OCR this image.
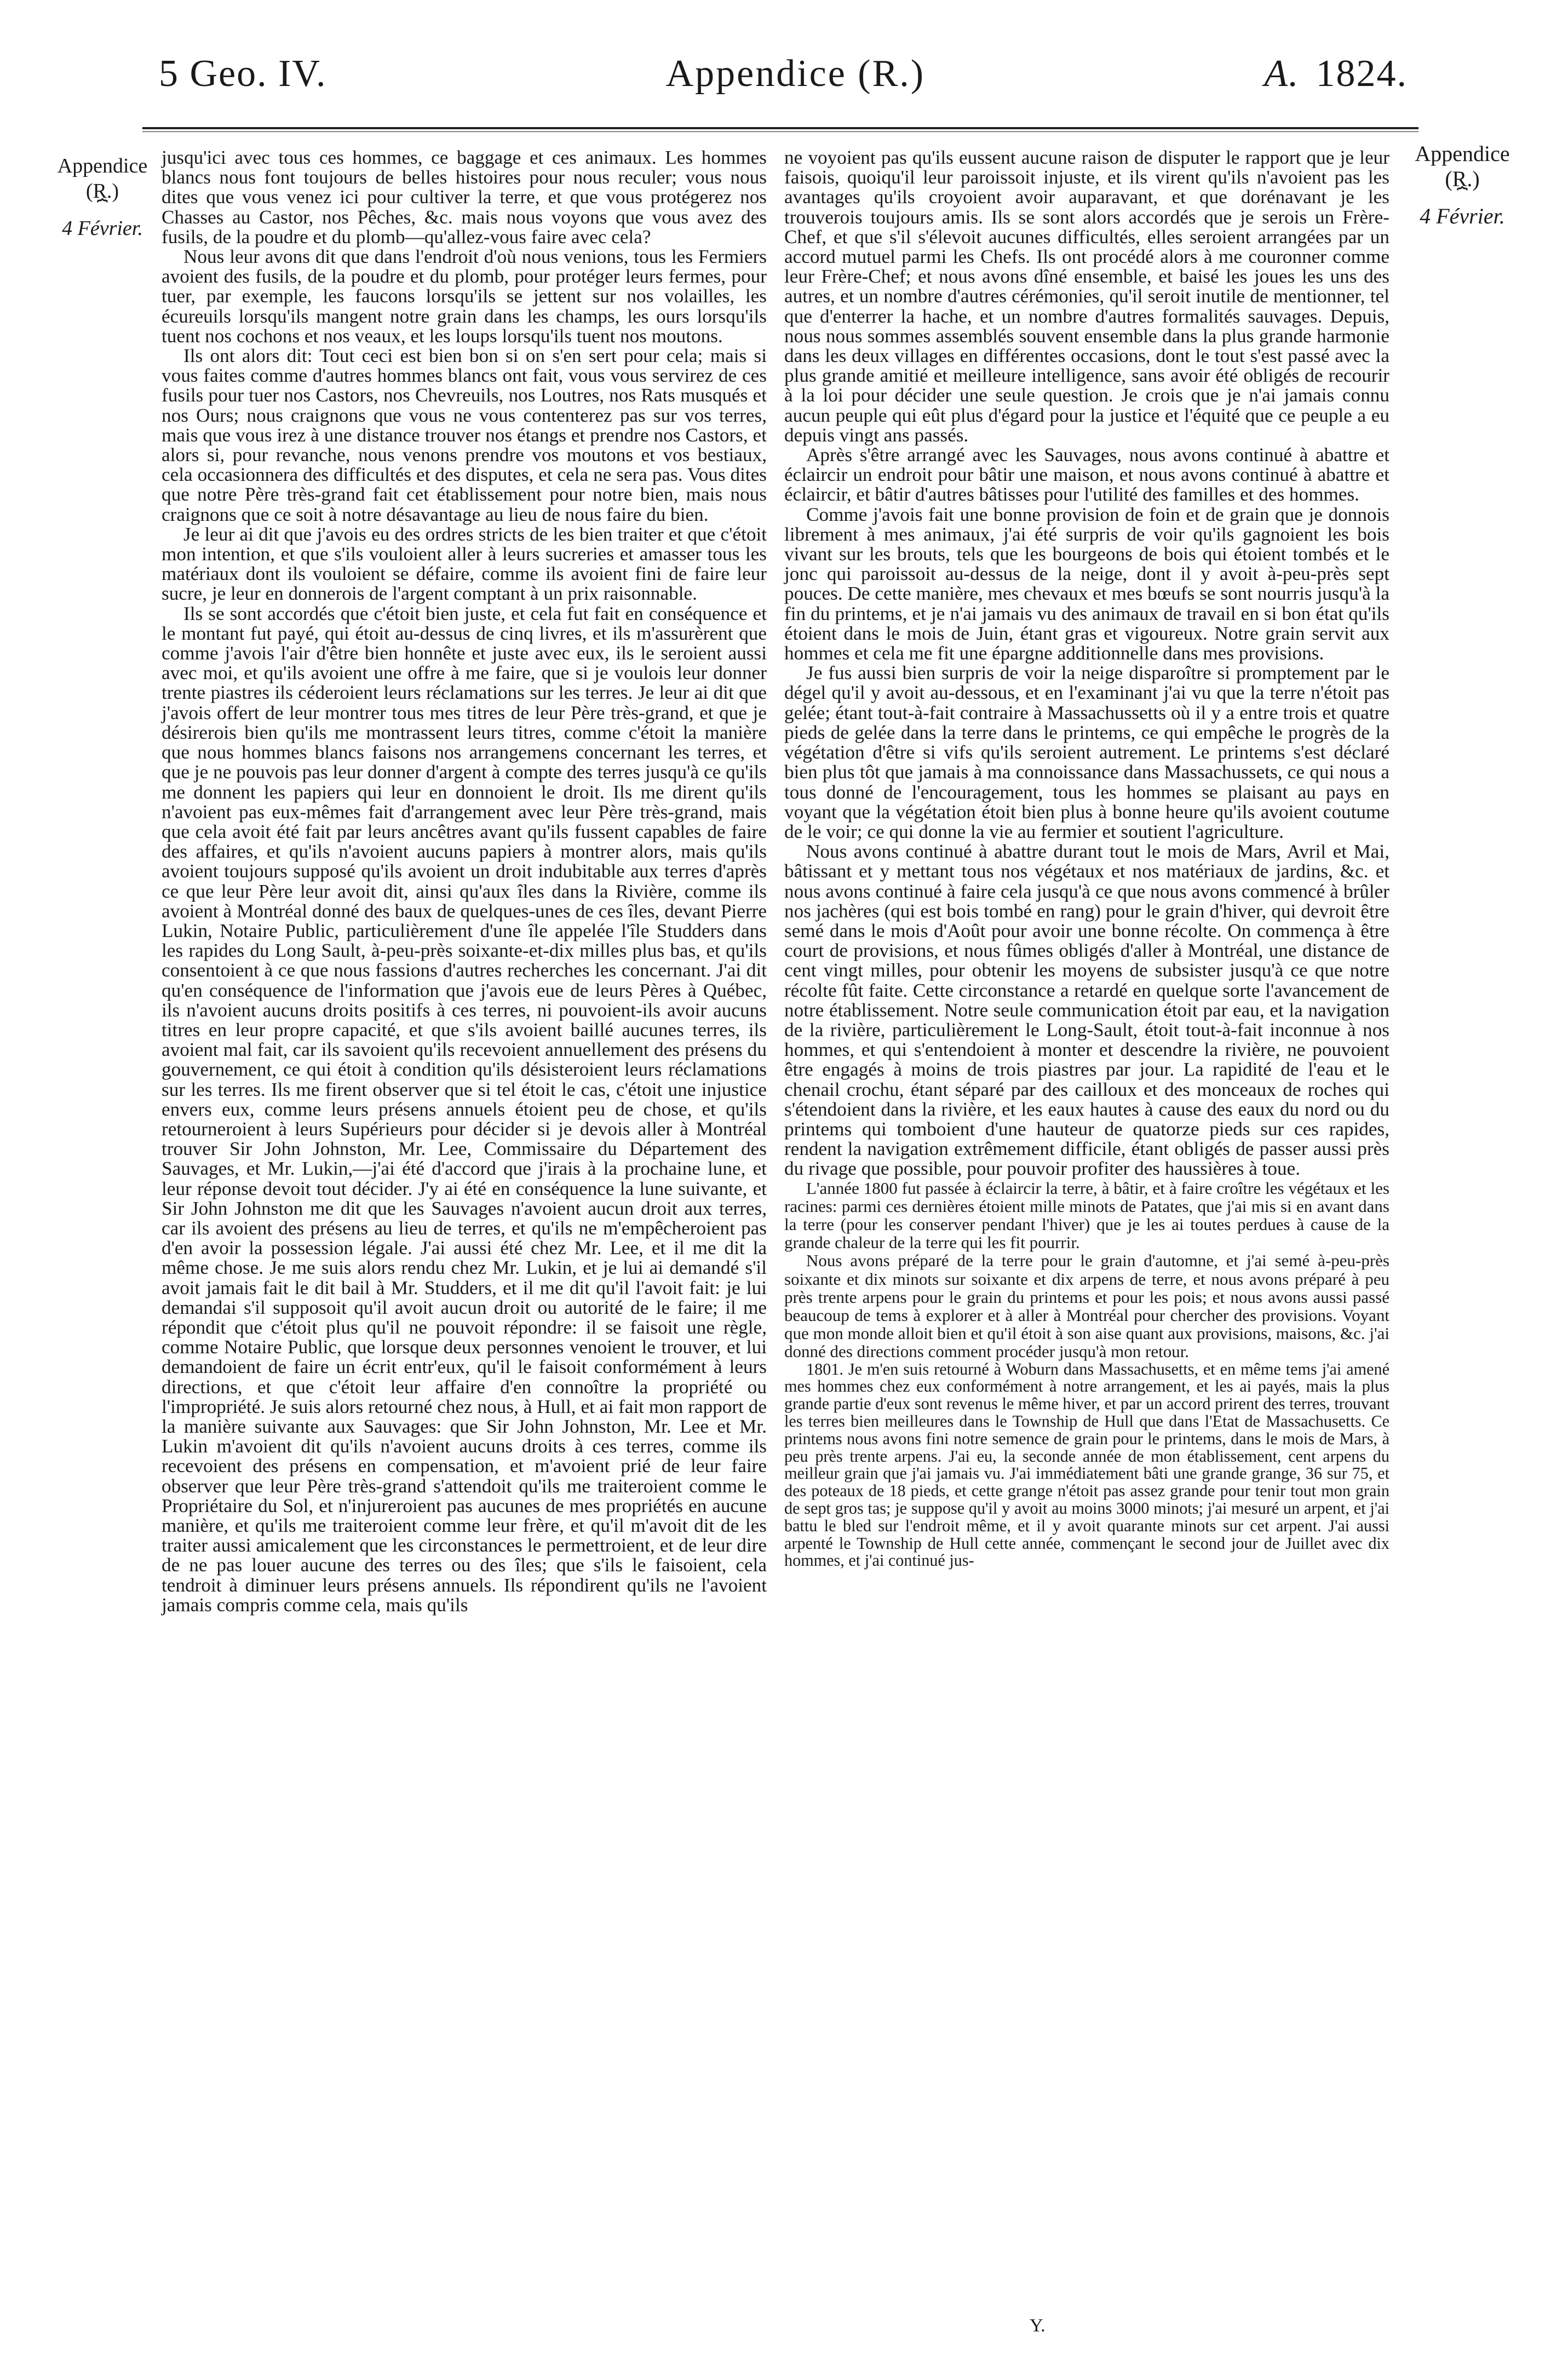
5 Geo. IV.	Appendice (R.)	A. 1824.
Appendice
(R.)
⏞
4 Février.
Appendice
(R.)
⏞
4 Février.

jusqu'ici avec tous ces hommes, ce baggage et ces animaux. Les hommes blancs nous font toujours de belles histoires pour nous reculer; vous nous dites que vous venez ici pour cultiver la terre, et que vous protégerez nos Chasses au Castor, nos Pêches, &c. mais nous voyons que vous avez des fusils, de la poudre et du plomb—qu'allez-vous faire avec cela?

Nous leur avons dit que dans l'endroit d'où nous venions, tous les Fermiers avoient des fusils, de la poudre et du plomb, pour protéger leurs fermes, pour tuer, par exemple, les faucons lorsqu'ils se jettent sur nos volailles, les écureuils lorsqu'ils mangent notre grain dans les champs, les ours lorsqu'ils tuent nos cochons et nos veaux, et les loups lorsqu'ils tuent nos moutons.

Ils ont alors dit: Tout ceci est bien bon si on s'en sert pour cela; mais si vous faites comme d'autres hommes blancs ont fait, vous vous servirez de ces fusils pour tuer nos Castors, nos Chevreuils, nos Loutres, nos Rats musqués et nos Ours; nous craignons que vous ne vous contenterez pas sur vos terres, mais que vous irez à une distance trouver nos étangs et prendre nos Castors, et alors si, pour revanche, nous venons prendre vos moutons et vos bestiaux, cela occasionnera des difficultés et des disputes, et cela ne sera pas. Vous dites que notre Père très-grand fait cet établissement pour notre bien, mais nous craignons que ce soit à notre désavantage au lieu de nous faire du bien.

Je leur ai dit que j'avois eu des ordres stricts de les bien traiter et que c'étoit mon intention, et que s'ils vouloient aller à leurs sucreries et amasser tous les matériaux dont ils vouloient se défaire, comme ils avoient fini de faire leur sucre, je leur en donnerois de l'argent comptant à un prix raisonnable.

Ils se sont accordés que c'étoit bien juste, et cela fut fait en conséquence et le montant fut payé, qui étoit au-dessus de cinq livres, et ils m'assurèrent que comme j'avois l'air d'être bien honnête et juste avec eux, ils le seroient aussi avec moi, et qu'ils avoient une offre à me faire, que si je voulois leur donner trente piastres ils céderoient leurs réclamations sur les terres. Je leur ai dit que j'avois offert de leur montrer tous mes titres de leur Père très-grand, et que je désirerois bien qu'ils me montrassent leurs titres, comme c'étoit la manière que nous hommes blancs faisons nos arrangemens concernant les terres, et que je ne pouvois pas leur donner d'argent à compte des terres jusqu'à ce qu'ils me donnent les papiers qui leur en donnoient le droit. Ils me dirent qu'ils n'avoient pas eux-mêmes fait d'arrangement avec leur Père très-grand, mais que cela avoit été fait par leurs ancêtres avant qu'ils fussent capables de faire des affaires, et qu'ils n'avoient aucuns papiers à montrer alors, mais qu'ils avoient toujours supposé qu'ils avoient un droit indubitable aux terres d'après ce que leur Père leur avoit dit, ainsi qu'aux îles dans la Rivière, comme ils avoient à Montréal donné des baux de quelques-unes de ces îles, devant Pierre Lukin, Notaire Public, particulièrement d'une île appelée l'île Studders dans les rapides du Long Sault, à-peu-près soixante-et-dix milles plus bas, et qu'ils consentoient à ce que nous fassions d'autres recherches les concernant. J'ai dit qu'en conséquence de l'information que j'avois eue de leurs Pères à Québec, ils n'avoient aucuns droits positifs à ces terres, ni pouvoient-ils avoir aucuns titres en leur propre capacité, et que s'ils avoient baillé aucunes terres, ils avoient mal fait, car ils savoient qu'ils recevoient annuellement des présens du gouvernement, ce qui étoit à condition qu'ils désisteroient leurs réclamations sur les terres. Ils me firent observer que si tel étoit le cas, c'étoit une injustice envers eux, comme leurs présens annuels étoient peu de chose, et qu'ils retourneroient à leurs Supérieurs pour décider si je devois aller à Montréal trouver Sir John Johnston, Mr. Lee, Commissaire du Département des Sauvages, et Mr. Lukin,—j'ai été d'accord que j'irais à la prochaine lune, et leur réponse devoit tout décider. J'y ai été en conséquence la lune suivante, et Sir John Johnston me dit que les Sauvages n'avoient aucun droit aux terres, car ils avoient des présens au lieu de terres, et qu'ils ne m'empêcheroient pas d'en avoir la possession légale. J'ai aussi été chez Mr. Lee, et il me dit la même chose. Je me suis alors rendu chez Mr. Lukin, et je lui ai demandé s'il avoit jamais fait le dit bail à Mr. Studders, et il me dit qu'il l'avoit fait: je lui demandai s'il supposoit qu'il avoit aucun droit ou autorité de le faire; il me répondit que c'étoit plus qu'il ne pouvoit répondre: il se faisoit une règle, comme Notaire Public, que lorsque deux personnes venoient le trouver, et lui demandoient de faire un écrit entr'eux, qu'il le faisoit conformément à leurs directions, et que c'étoit leur affaire d'en connoître la propriété ou l'impropriété. Je suis alors retourné chez nous, à Hull, et ai fait mon rapport de la manière suivante aux Sauvages: que Sir John Johnston, Mr. Lee et Mr. Lukin m'avoient dit qu'ils n'avoient aucuns droits à ces terres, comme ils recevoient des présens en compensation, et m'avoient prié de leur faire observer que leur Père très-grand s'attendoit qu'ils me traiteroient comme le Propriétaire du Sol, et n'injureroient pas aucunes de mes propriétés en aucune manière, et qu'ils me traiteroient comme leur frère, et qu'il m'avoit dit de les traiter aussi amicalement que les circonstances le permettroient, et de leur dire de ne pas louer aucune des terres ou des îles; que s'ils le faisoient, cela tendroit à diminuer leurs présens annuels. Ils répondirent qu'ils ne l'avoient jamais compris comme cela, mais qu'ils

ne voyoient pas qu'ils eussent aucune raison de disputer le rapport que je leur faisois, quoiqu'il leur paroissoit injuste, et ils virent qu'ils n'avoient pas les avantages qu'ils croyoient avoir auparavant, et que dorénavant je les trouverois toujours amis. Ils se sont alors accordés que je serois un Frère-Chef, et que s'il s'élevoit aucunes difficultés, elles seroient arrangées par un accord mutuel parmi les Chefs. Ils ont procédé alors à me couronner comme leur Frère-Chef; et nous avons dîné ensemble, et baisé les joues les uns des autres, et un nombre d'autres cérémonies, qu'il seroit inutile de mentionner, tel que d'enterrer la hache, et un nombre d'autres formalités sauvages. Depuis, nous nous sommes assemblés souvent ensemble dans la plus grande harmonie dans les deux villages en différentes occasions, dont le tout s'est passé avec la plus grande amitié et meilleure intelligence, sans avoir été obligés de recourir à la loi pour décider une seule question. Je crois que je n'ai jamais connu aucun peuple qui eût plus d'égard pour la justice et l'équité que ce peuple a eu depuis vingt ans passés.

Après s'être arrangé avec les Sauvages, nous avons continué à abattre et éclaircir un endroit pour bâtir une maison, et nous avons continué à abattre et éclaircir, et bâtir d'autres bâtisses pour l'utilité des familles et des hommes.

Comme j'avois fait une bonne provision de foin et de grain que je donnois librement à mes animaux, j'ai été surpris de voir qu'ils gagnoient les bois vivant sur les brouts, tels que les bourgeons de bois qui étoient tombés et le jonc qui paroissoit au-dessus de la neige, dont il y avoit à-peu-près sept pouces. De cette manière, mes chevaux et mes bœufs se sont nourris jusqu'à la fin du printems, et je n'ai jamais vu des animaux de travail en si bon état qu'ils étoient dans le mois de Juin, étant gras et vigoureux. Notre grain servit aux hommes et cela me fit une épargne additionnelle dans mes provisions.

Je fus aussi bien surpris de voir la neige disparoître si promptement par le dégel qu'il y avoit au-dessous, et en l'examinant j'ai vu que la terre n'étoit pas gelée; étant tout-à-fait contraire à Massachussetts où il y a entre trois et quatre pieds de gelée dans la terre dans le printems, ce qui empêche le progrès de la végétation d'être si vifs qu'ils seroient autrement. Le printems s'est déclaré bien plus tôt que jamais à ma connoissance dans Massachussets, ce qui nous a tous donné de l'encouragement, tous les hommes se plaisant au pays en voyant que la végétation étoit bien plus à bonne heure qu'ils avoient coutume de le voir; ce qui donne la vie au fermier et soutient l'agriculture.

Nous avons continué à abattre durant tout le mois de Mars, Avril et Mai, bâtissant et y mettant tous nos végétaux et nos matériaux de jardins, &c. et nous avons continué à faire cela jusqu'à ce que nous avons commencé à brûler nos jachères (qui est bois tombé en rang) pour le grain d'hiver, qui devroit être semé dans le mois d'Août pour avoir une bonne récolte. On commença à être court de provisions, et nous fûmes obligés d'aller à Montréal, une distance de cent vingt milles, pour obtenir les moyens de subsister jusqu'à ce que notre récolte fût faite. Cette circonstance a retardé en quelque sorte l'avancement de notre établissement. Notre seule communication étoit par eau, et la navigation de la rivière, particulièrement le Long-Sault, étoit tout-à-fait inconnue à nos hommes, et qui s'entendoient à monter et descendre la rivière, ne pouvoient être engagés à moins de trois piastres par jour. La rapidité de l'eau et le chenail crochu, étant séparé par des cailloux et des monceaux de roches qui s'étendoient dans la rivière, et les eaux hautes à cause des eaux du nord ou du printems qui tomboient d'une hauteur de quatorze pieds sur ces rapides, rendent la navigation extrêmement difficile, étant obligés de passer aussi près du rivage que possible, pour pouvoir profiter des haussières à toue.

L'année 1800 fut passée à éclaircir la terre, à bâtir, et à faire croître les végétaux et les racines: parmi ces dernières étoient mille minots de Patates, que j'ai mis si en avant dans la terre (pour les conserver pendant l'hiver) que je les ai toutes perdues à cause de la grande chaleur de la terre qui les fit pourrir.

Nous avons préparé de la terre pour le grain d'automne, et j'ai semé à-peu-près soixante et dix minots sur soixante et dix arpens de terre, et nous avons préparé à peu près trente arpens pour le grain du printems et pour les pois; et nous avons aussi passé beaucoup de tems à explorer et à aller à Montréal pour chercher des provisions. Voyant que mon monde alloit bien et qu'il étoit à son aise quant aux provisions, maisons, &c. j'ai donné des directions comment procéder jusqu'à mon retour.

1801. Je m'en suis retourné à Woburn dans Massachusetts, et en même tems j'ai amené mes hommes chez eux conformément à notre arrangement, et les ai payés, mais la plus grande partie d'eux sont revenus le même hiver, et par un accord prirent des terres, trouvant les terres bien meilleures dans le Township de Hull que dans l'Etat de Massachusetts. Ce printems nous avons fini notre semence de grain pour le printems, dans le mois de Mars, à peu près trente arpens. J'ai eu, la seconde année de mon établissement, cent arpens du meilleur grain que j'ai jamais vu. J'ai immédiatement bâti une grande grange, 36 sur 75, et des poteaux de 18 pieds, et cette grange n'étoit pas assez grande pour tenir tout mon grain de sept gros tas; je suppose qu'il y avoit au moins 3000 minots; j'ai mesuré un arpent, et j'ai battu le bled sur l'endroit même, et il y avoit quarante minots sur cet arpent. J'ai aussi arpenté le Township de Hull cette année, commençant le second jour de Juillet avec dix hommes, et j'ai continué jus-

Y.
